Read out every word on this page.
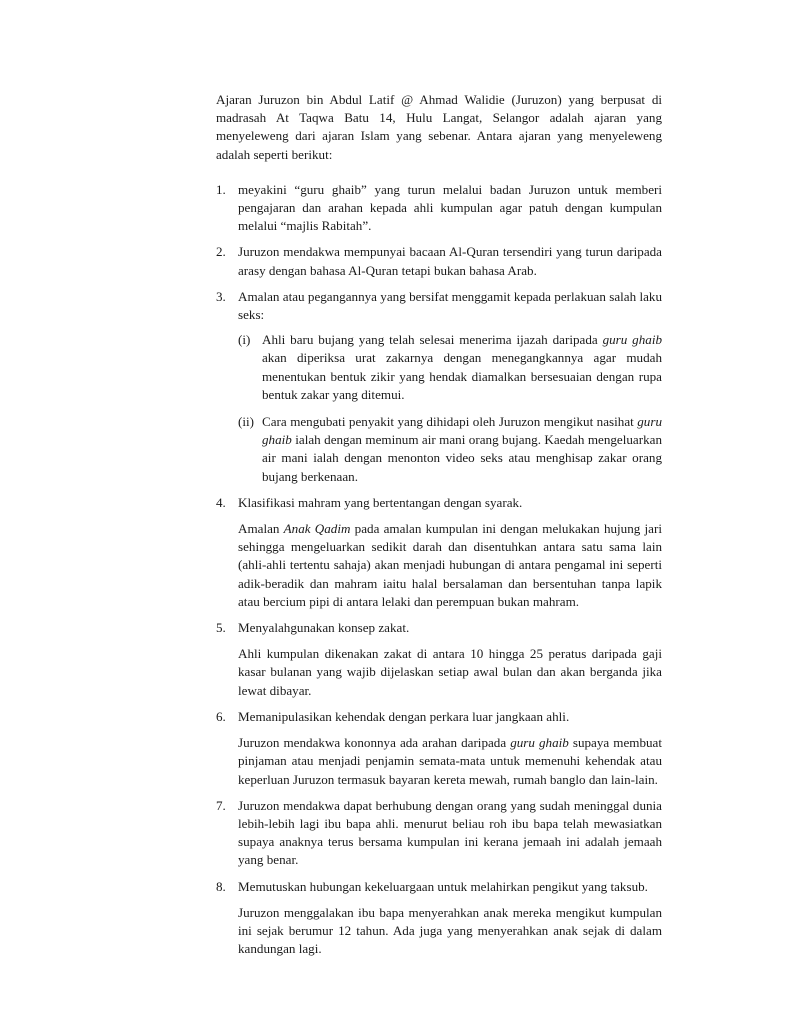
Ajaran Juruzon bin Abdul Latif @ Ahmad Walidie (Juruzon) yang berpusat di madrasah At Taqwa Batu 14, Hulu Langat, Selangor adalah ajaran yang menyeleweng dari ajaran Islam yang sebenar. Antara ajaran yang menyeleweng adalah seperti berikut:

1. meyakini “guru ghaib” yang turun melalui badan Juruzon untuk memberi pengajaran dan arahan kepada ahli kumpulan agar patuh dengan kumpulan melalui “majlis Rabitah”.

2. Juruzon mendakwa mempunyai bacaan Al-Quran tersendiri yang turun daripada arasy dengan bahasa Al-Quran tetapi bukan bahasa Arab.

3. Amalan atau pegangannya yang bersifat menggamit kepada perlakuan salah laku seks:

(i) Ahli baru bujang yang telah selesai menerima ijazah daripada guru ghaib akan diperiksa urat zakarnya dengan menegangkannya agar mudah menentukan bentuk zikir yang hendak diamalkan bersesuaian dengan rupa bentuk zakar yang ditemui.

(ii) Cara mengubati penyakit yang dihidapi oleh Juruzon mengikut nasihat guru ghaib ialah dengan meminum air mani orang bujang. Kaedah mengeluarkan air mani ialah dengan menonton video seks atau menghisap zakar orang bujang berkenaan.

4. Klasifikasi mahram yang bertentangan dengan syarak.

Amalan Anak Qadim pada amalan kumpulan ini dengan melukakan hujung jari sehingga mengeluarkan sedikit darah dan disentuhkan antara satu sama lain (ahli-ahli tertentu sahaja) akan menjadi hubungan di antara pengamal ini seperti adik-beradik dan mahram iaitu halal bersalaman dan bersentuhan tanpa lapik atau bercium pipi di antara lelaki dan perempuan bukan mahram.

5. Menyalahgunakan konsep zakat.

Ahli kumpulan dikenakan zakat di antara 10 hingga 25 peratus daripada gaji kasar bulanan yang wajib dijelaskan setiap awal bulan dan akan berganda jika lewat dibayar.

6. Memanipulasikan kehendak dengan perkara luar jangkaan ahli.

Juruzon mendakwa kononnya ada arahan daripada guru ghaib supaya membuat pinjaman atau menjadi penjamin semata-mata untuk memenuhi kehendak atau keperluan Juruzon termasuk bayaran kereta mewah, rumah banglo dan lain-lain.

7. Juruzon mendakwa dapat berhubung dengan orang yang sudah meninggal dunia lebih-lebih lagi ibu bapa ahli. menurut beliau roh ibu bapa telah mewasiatkan supaya anaknya terus bersama kumpulan ini kerana jemaah ini adalah jemaah yang benar.

8. Memutuskan hubungan kekeluargaan untuk melahirkan pengikut yang taksub.

Juruzon menggalakan ibu bapa menyerahkan anak mereka mengikut kumpulan ini sejak berumur 12 tahun. Ada juga yang menyerahkan anak sejak di dalam kandungan lagi.
